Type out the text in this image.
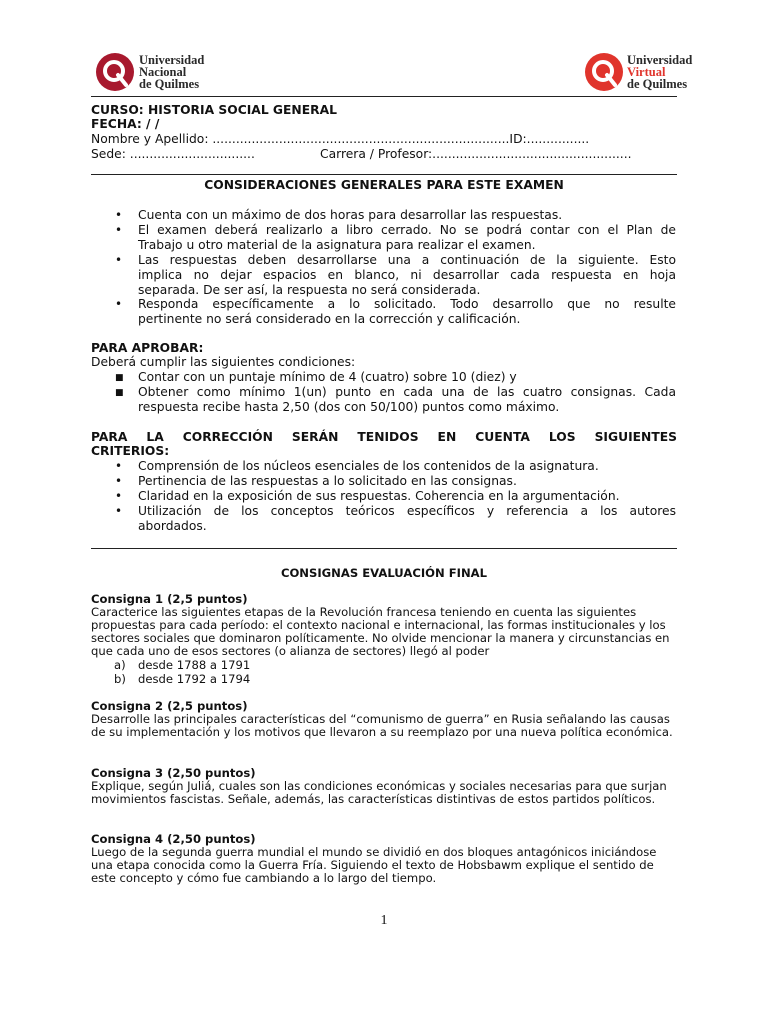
Universidad
Nacional
de Quilmes
Universidad
Virtual
de Quilmes
CURSO: HISTORIA SOCIAL GENERAL
FECHA: / /
Nombre y Apellido: ............................................................................ID:................
Sede: ................................	Carrera / Profesor:...................................................
CONSIDERACIONES GENERALES PARA ESTE EXAMEN
•	Cuenta con un máximo de dos horas para desarrollar las respuestas.
•	El examen deberá realizarlo a libro cerrado. No se podrá contar con el Plan de
Trabajo u otro material de la asignatura para realizar el examen.
•	Las respuestas deben desarrollarse una a continuación de la siguiente. Esto
implica no dejar espacios en blanco, ni desarrollar cada respuesta en hoja
separada. De ser así, la respuesta no será considerada.
•	Responda específicamente a lo solicitado. Todo desarrollo que no resulte
pertinente no será considerado en la corrección y calificación.
PARA APROBAR:
Deberá cumplir las siguientes condiciones:
■ Contar con un puntaje mínimo de 4 (cuatro) sobre 10 (diez) y
■ Obtener como mínimo 1(un) punto en cada una de las cuatro consignas. Cada
respuesta recibe hasta 2,50 (dos con 50/100) puntos como máximo.
PARA LA CORRECCIÓN SERÁN TENIDOS EN CUENTA LOS SIGUIENTES
CRITERIOS:
•	Comprensión de los núcleos esenciales de los contenidos de la asignatura.
•	Pertinencia de las respuestas a lo solicitado en las consignas.
•	Claridad en la exposición de sus respuestas. Coherencia en la argumentación.
•	Utilización de los conceptos teóricos específicos y referencia a los autores
abordados.
CONSIGNAS EVALUACIÓN FINAL
Consigna 1 (2,5 puntos)
Caracterice las siguientes etapas de la Revolución francesa teniendo en cuenta las siguientes
propuestas para cada período: el contexto nacional e internacional, las formas institucionales y los
sectores sociales que dominaron políticamente. No olvide mencionar la manera y circunstancias en
que cada uno de esos sectores (o alianza de sectores) llegó al poder
a) desde 1788 a 1791
b) desde 1792 a 1794
Consigna 2 (2,5 puntos)
Desarrolle las principales características del “comunismo de guerra” en Rusia señalando las causas
de su implementación y los motivos que llevaron a su reemplazo por una nueva política económica.
Consigna 3 (2,50 puntos)
Explique, según Juliá, cuales son las condiciones económicas y sociales necesarias para que surjan
movimientos fascistas. Señale, además, las características distintivas de estos partidos políticos.
Consigna 4 (2,50 puntos)
Luego de la segunda guerra mundial el mundo se dividió en dos bloques antagónicos iniciándose
una etapa conocida como la Guerra Fría. Siguiendo el texto de Hobsbawm explique el sentido de
este concepto y cómo fue cambiando a lo largo del tiempo.
1
